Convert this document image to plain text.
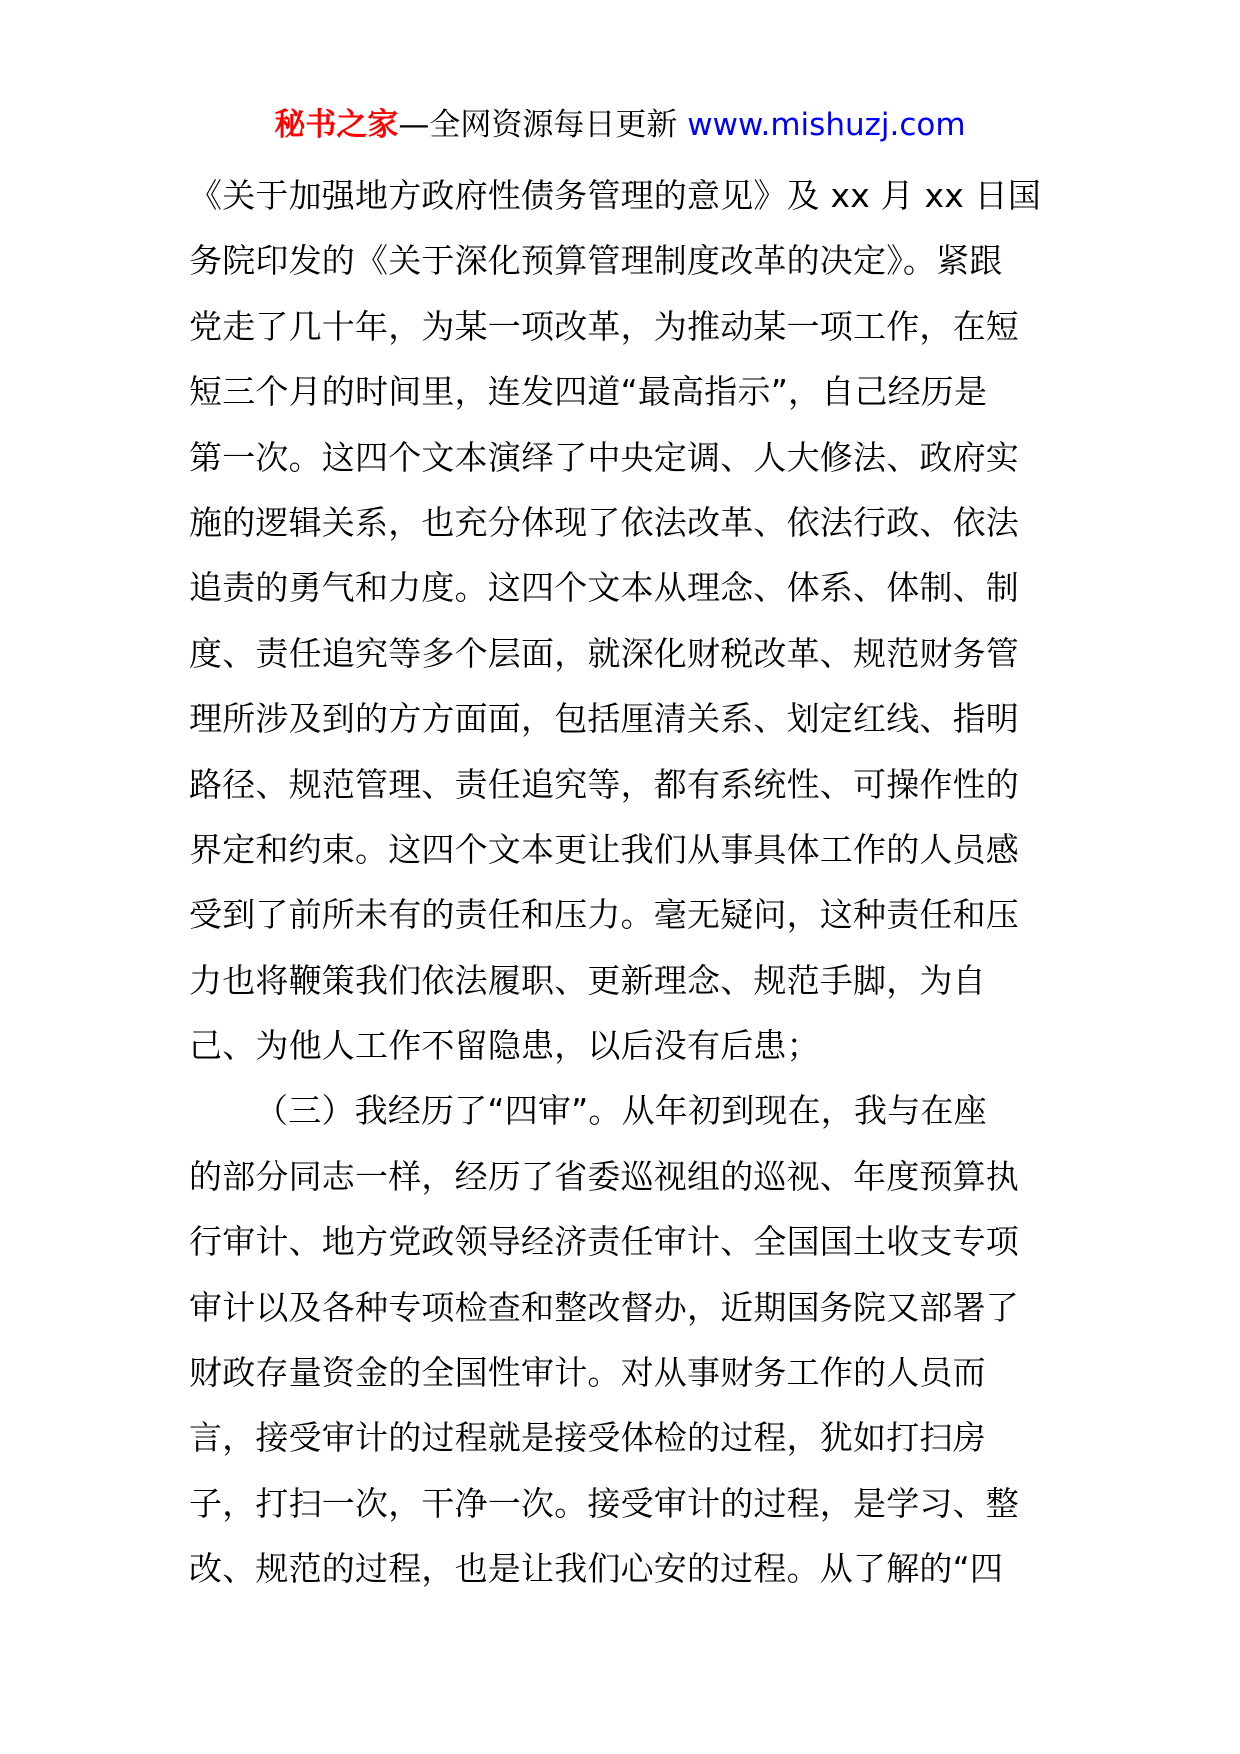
秘书之家—全网资源每日更新 www.mishuzj.com
《关于加强地方政府性债务管理的意见》及 xx 月 xx 日国
务院印发的《关于深化预算管理制度改革的决定》。紧跟
党走了几十年，为某一项改革，为推动某一项工作，在短
短三个月的时间里，连发四道“最高指示”，自己经历是
第一次。这四个文本演绎了中央定调、人大修法、政府实
施的逻辑关系，也充分体现了依法改革、依法行政、依法
追责的勇气和力度。这四个文本从理念、体系、体制、制
度、责任追究等多个层面，就深化财税改革、规范财务管
理所涉及到的方方面面，包括厘清关系、划定红线、指明
路径、规范管理、责任追究等，都有系统性、可操作性的
界定和约束。这四个文本更让我们从事具体工作的人员感
受到了前所未有的责任和压力。毫无疑问，这种责任和压
力也将鞭策我们依法履职、更新理念、规范手脚，为自
己、为他人工作不留隐患，以后没有后患；
（三）我经历了“四审”。从年初到现在，我与在座
的部分同志一样，经历了省委巡视组的巡视、年度预算执
行审计、地方党政领导经济责任审计、全国国土收支专项
审计以及各种专项检查和整改督办，近期国务院又部署了
财政存量资金的全国性审计。对从事财务工作的人员而
言，接受审计的过程就是接受体检的过程，犹如打扫房
子，打扫一次，干净一次。接受审计的过程，是学习、整
改、规范的过程，也是让我们心安的过程。从了解的“四
